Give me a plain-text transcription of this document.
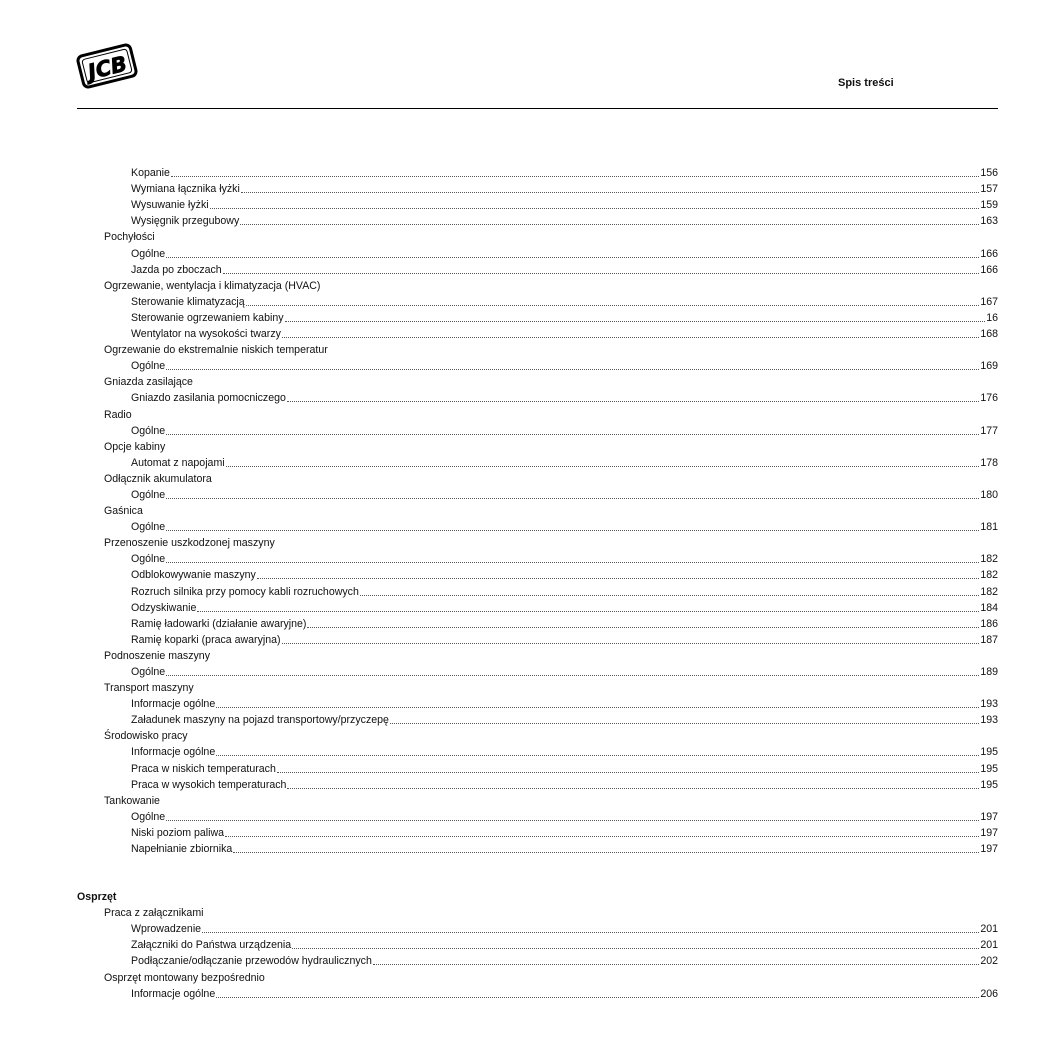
JCB	Spis treści
Kopanie	156
Wymiana łącznika łyżki	157
Wysuwanie łyżki	159
Wysięgnik przegubowy	163
Pochyłości
Ogólne	166
Jazda po zboczach	166
Ogrzewanie, wentylacja i klimatyzacja (HVAC)
Sterowanie klimatyzacją	167
Sterowanie ogrzewaniem kabiny	16
Wentylator na wysokości twarzy	168
Ogrzewanie do ekstremalnie niskich temperatur
Ogólne	169
Gniazda zasilające
Gniazdo zasilania pomocniczego	176
Radio
Ogólne	177
Opcje kabiny
Automat z napojami	178
Odłącznik akumulatora
Ogólne	180
Gaśnica
Ogólne	181
Przenoszenie uszkodzonej maszyny
Ogólne	182
Odblokowywanie maszyny	182
Rozruch silnika przy pomocy kabli rozruchowych	182
Odzyskiwanie	184
Ramię ładowarki (działanie awaryjne)	186
Ramię koparki (praca awaryjna)	187
Podnoszenie maszyny
Ogólne	189
Transport maszyny
Informacje ogólne	193
Załadunek maszyny na pojazd transportowy/przyczepę	193
Środowisko pracy
Informacje ogólne	195
Praca w niskich temperaturach	195
Praca w wysokich temperaturach	195
Tankowanie
Ogólne	197
Niski poziom paliwa	197
Napełnianie zbiornika	197
Osprzęt
Praca z załącznikami
Wprowadzenie	201
Załączniki do Państwa urządzenia	201
Podłączanie/odłączanie przewodów hydraulicznych	202
Osprzęt montowany bezpośrednio
Informacje ogólne	206
